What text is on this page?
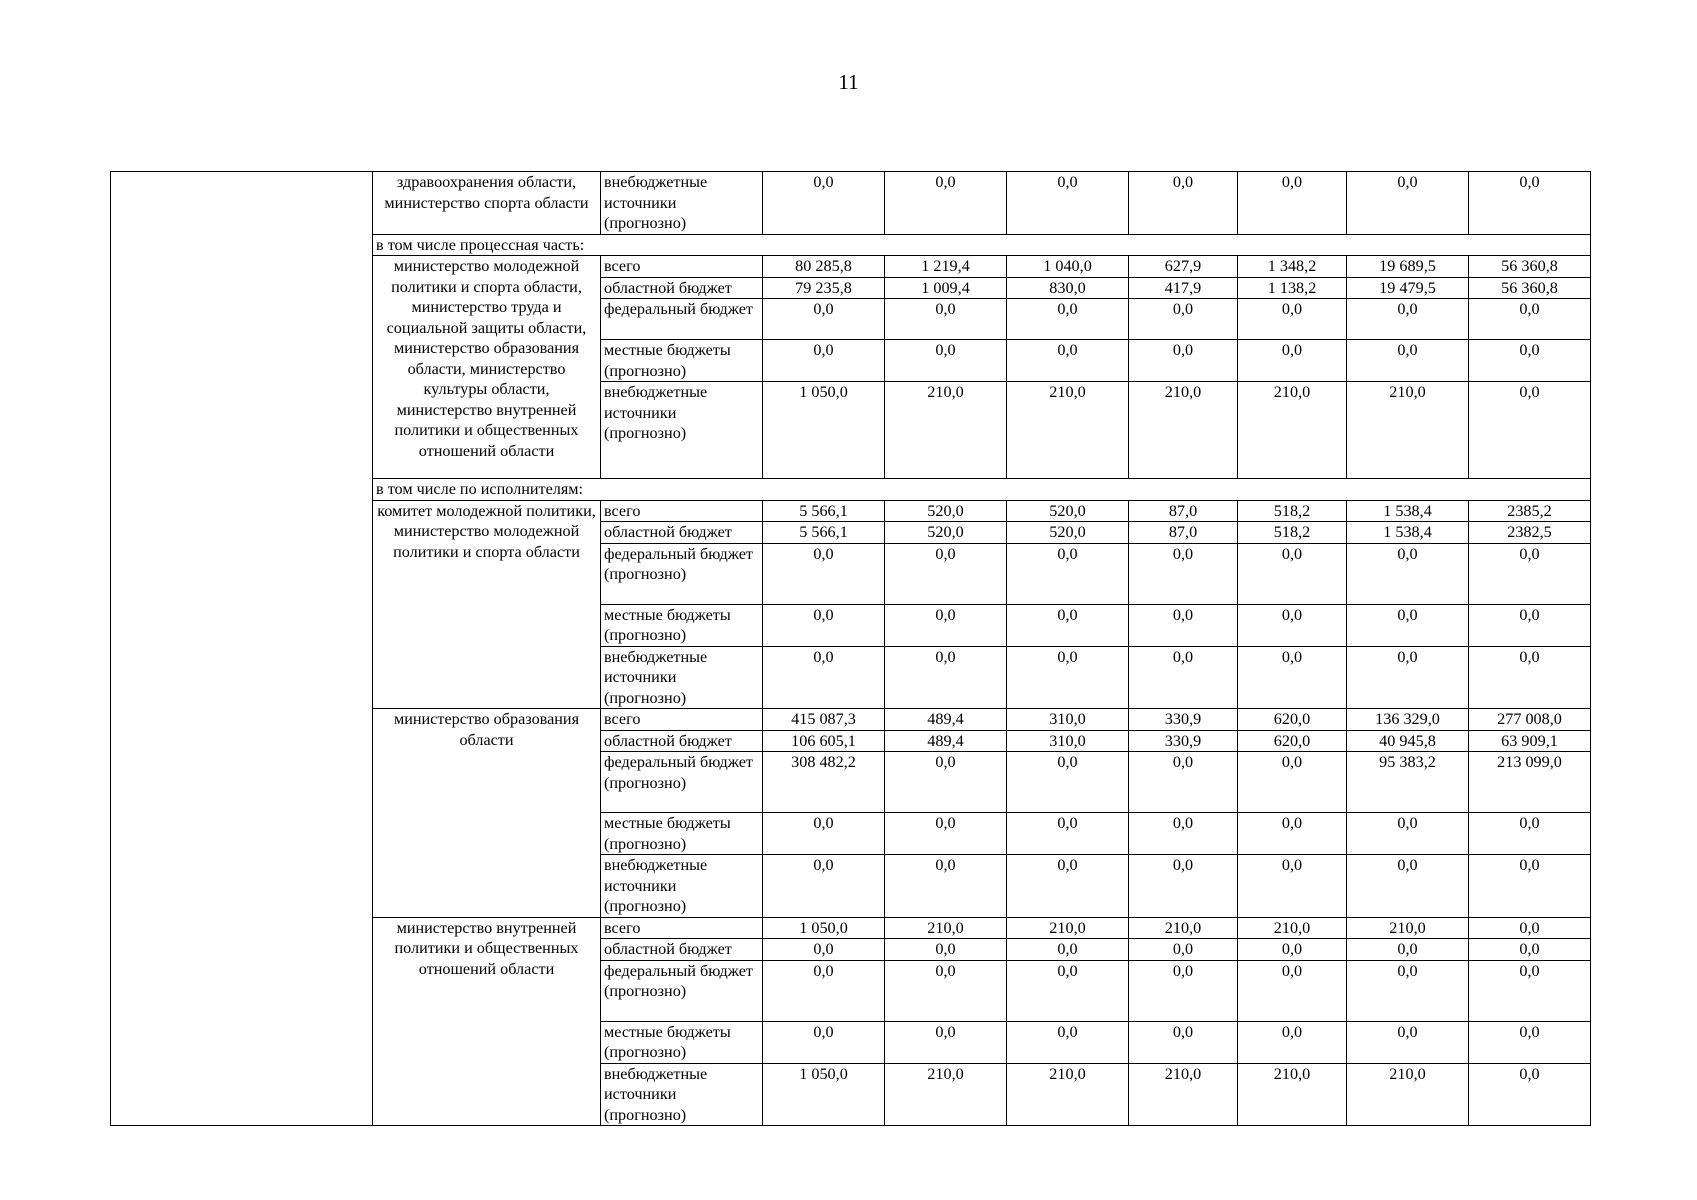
11
	здравоохранения области, министерство спорта области	внебюджетные источники (прогнозно)	0,0	0,0	0,0	0,0	0,0	0,0	0,0
	в том числе процессная часть:								
	министерство молодежной политики и спорта области, министерство труда и социальной защиты области, министерство образования области, министерство культуры области, министерство внутренней политики и общественных отношений области	всего	80 285,8	1 219,4	1 040,0	627,9	1 348,2	19 689,5	56 360,8
		областной бюджет	79 235,8	1 009,4	830,0	417,9	1 138,2	19 479,5	56 360,8
		федеральный бюджет	0,0	0,0	0,0	0,0	0,0	0,0	0,0
		местные бюджеты (прогнозно)	0,0	0,0	0,0	0,0	0,0	0,0	0,0
		внебюджетные источники (прогнозно)	1 050,0	210,0	210,0	210,0	210,0	210,0	0,0
	в том числе по исполнителям:								
	комитет молодежной политики, министерство молодежной политики и спорта области	всего	5 566,1	520,0	520,0	87,0	518,2	1 538,4	2385,2
		областной бюджет	5 566,1	520,0	520,0	87,0	518,2	1 538,4	2382,5
		федеральный бюджет (прогнозно)	0,0	0,0	0,0	0,0	0,0	0,0	0,0
		местные бюджеты (прогнозно)	0,0	0,0	0,0	0,0	0,0	0,0	0,0
		внебюджетные источники (прогнозно)	0,0	0,0	0,0	0,0	0,0	0,0	0,0
	министерство образования области	всего	415 087,3	489,4	310,0	330,9	620,0	136 329,0	277 008,0
		областной бюджет	106 605,1	489,4	310,0	330,9	620,0	40 945,8	63 909,1
		федеральный бюджет (прогнозно)	308 482,2	0,0	0,0	0,0	0,0	95 383,2	213 099,0
		местные бюджеты (прогнозно)	0,0	0,0	0,0	0,0	0,0	0,0	0,0
		внебюджетные источники (прогнозно)	0,0	0,0	0,0	0,0	0,0	0,0	0,0
	министерство внутренней политики и общественных отношений области	всего	1 050,0	210,0	210,0	210,0	210,0	210,0	0,0
		областной бюджет	0,0	0,0	0,0	0,0	0,0	0,0	0,0
		федеральный бюджет (прогнозно)	0,0	0,0	0,0	0,0	0,0	0,0	0,0
		местные бюджеты (прогнозно)	0,0	0,0	0,0	0,0	0,0	0,0	0,0
		внебюджетные источники (прогнозно)	1 050,0	210,0	210,0	210,0	210,0	210,0	0,0
